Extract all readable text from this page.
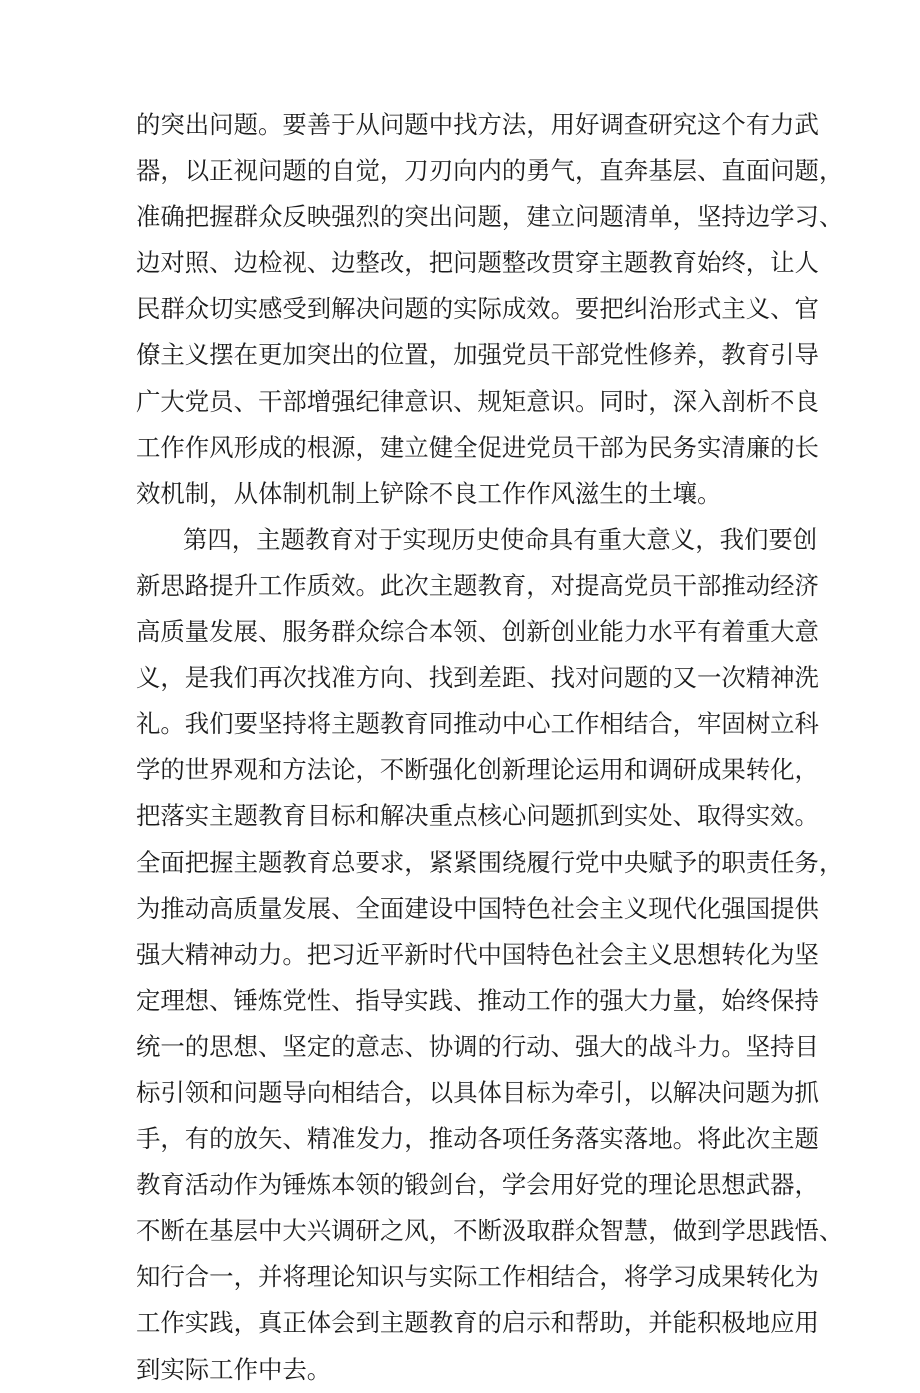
的突出问题。要善于从问题中找方法，用好调查研究这个有力武
器，以正视问题的自觉，刀刃向内的勇气，直奔基层、直面问题，
准确把握群众反映强烈的突出问题，建立问题清单，坚持边学习、
边对照、边检视、边整改，把问题整改贯穿主题教育始终，让人
民群众切实感受到解决问题的实际成效。要把纠治形式主义、官
僚主义摆在更加突出的位置，加强党员干部党性修养，教育引导
广大党员、干部增强纪律意识、规矩意识。同时，深入剖析不良
工作作风形成的根源，建立健全促进党员干部为民务实清廉的长
效机制，从体制机制上铲除不良工作作风滋生的土壤。
第四，主题教育对于实现历史使命具有重大意义，我们要创
新思路提升工作质效。此次主题教育，对提高党员干部推动经济
高质量发展、服务群众综合本领、创新创业能力水平有着重大意
义，是我们再次找准方向、找到差距、找对问题的又一次精神洗
礼。我们要坚持将主题教育同推动中心工作相结合，牢固树立科
学的世界观和方法论，不断强化创新理论运用和调研成果转化，
把落实主题教育目标和解决重点核心问题抓到实处、取得实效。
全面把握主题教育总要求，紧紧围绕履行党中央赋予的职责任务，
为推动高质量发展、全面建设中国特色社会主义现代化强国提供
强大精神动力。把习近平新时代中国特色社会主义思想转化为坚
定理想、锤炼党性、指导实践、推动工作的强大力量，始终保持
统一的思想、坚定的意志、协调的行动、强大的战斗力。坚持目
标引领和问题导向相结合，以具体目标为牵引，以解决问题为抓
手，有的放矢、精准发力，推动各项任务落实落地。将此次主题
教育活动作为锤炼本领的锻剑台，学会用好党的理论思想武器，
不断在基层中大兴调研之风，不断汲取群众智慧，做到学思践悟、
知行合一，并将理论知识与实际工作相结合，将学习成果转化为
工作实践，真正体会到主题教育的启示和帮助，并能积极地应用
到实际工作中去。
